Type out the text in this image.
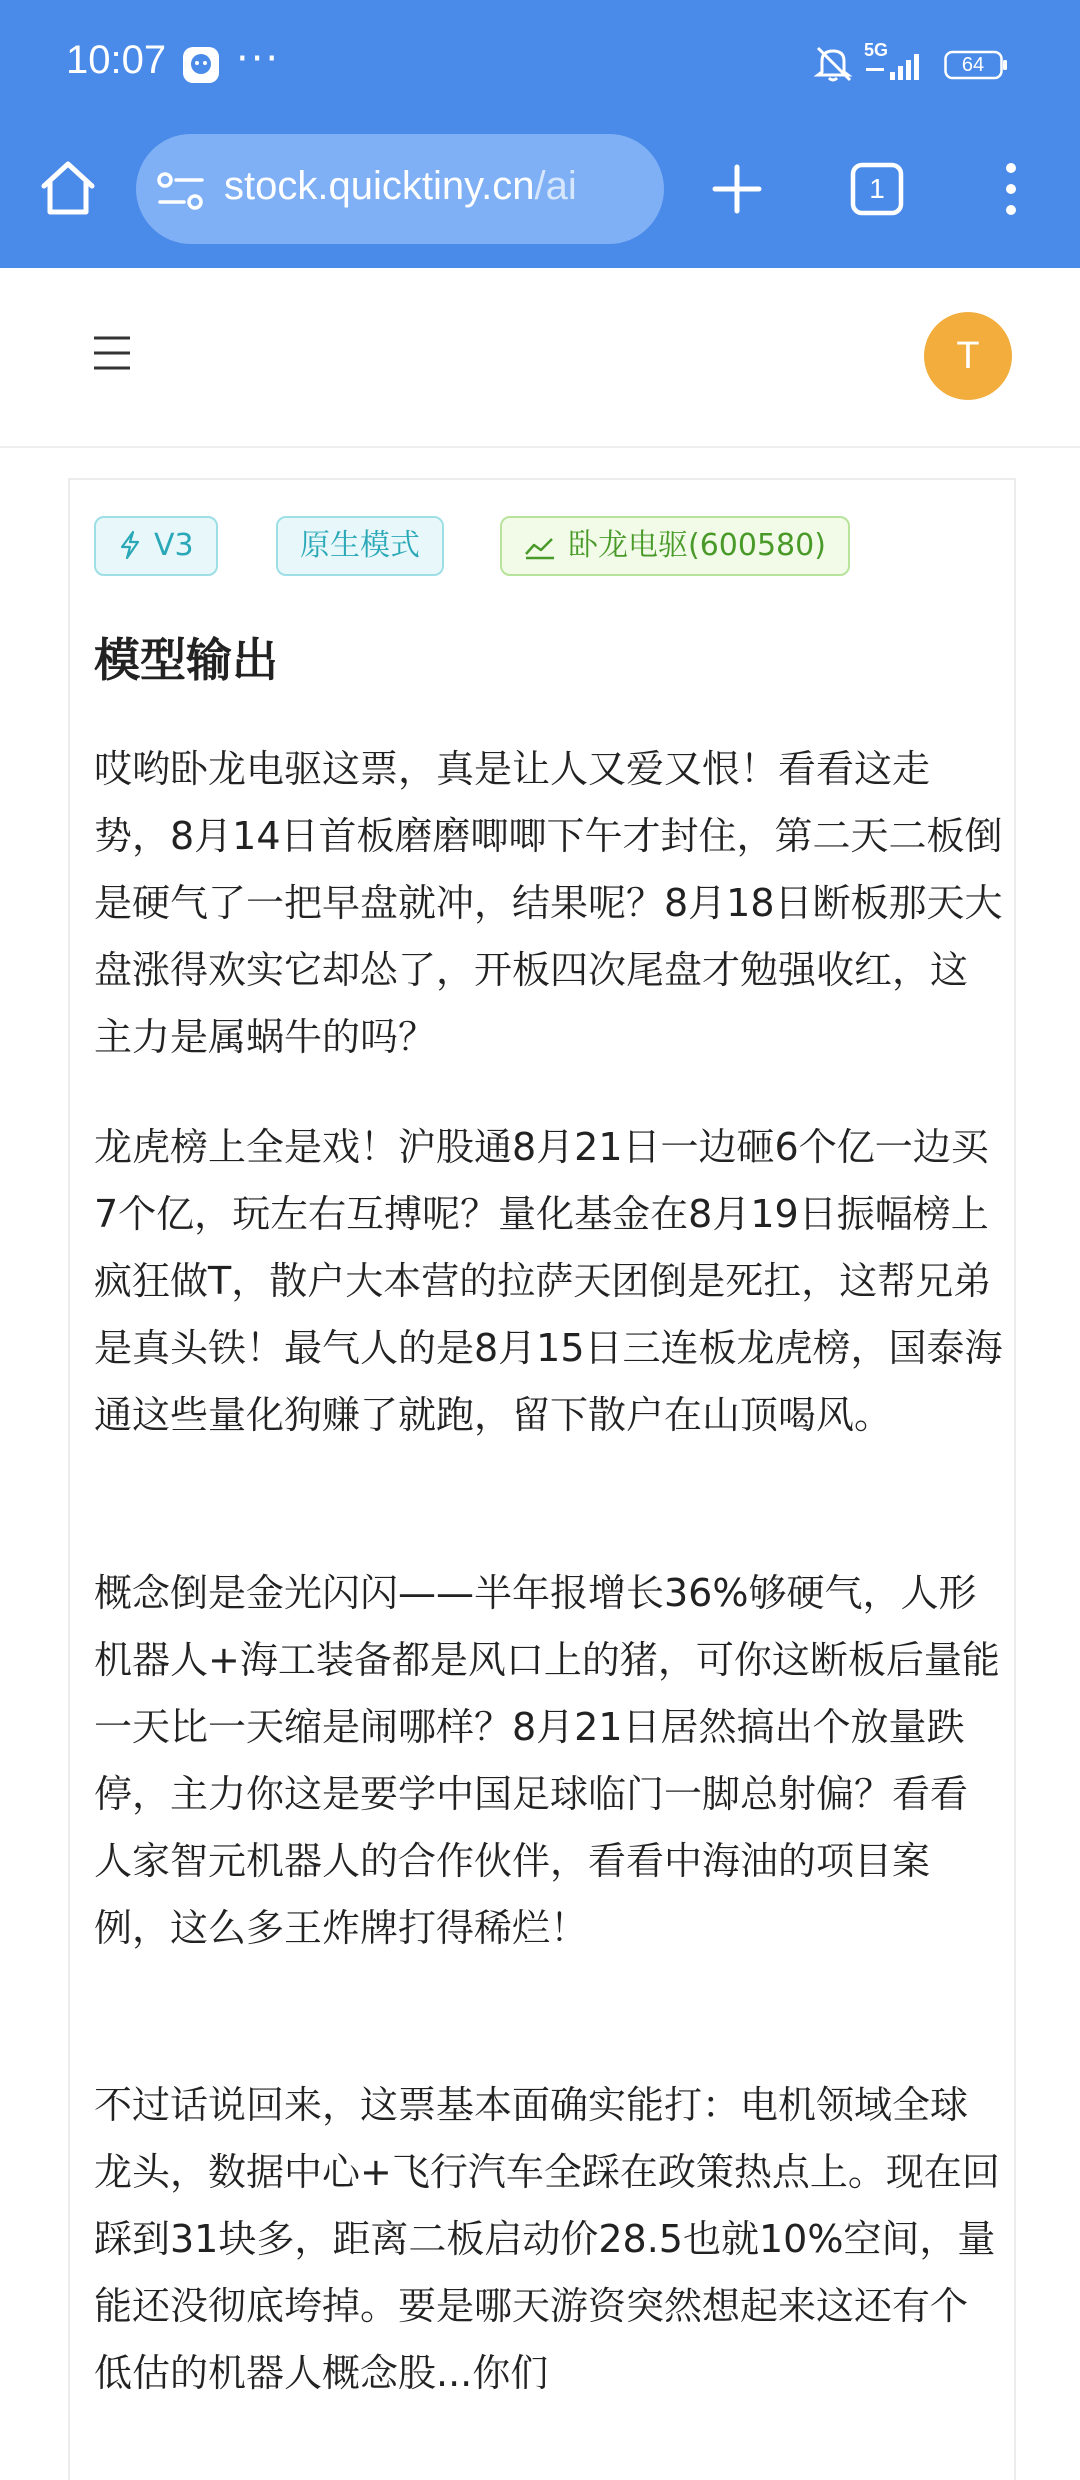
10:07 ···	5G
64
stock.quicktiny.cn/ai	1
T
V3	原生模式	卧龙电驱(600580)
模型输出

哎哟卧龙电驱这票，真是让人又爱又恨！看看这走势，8月14日首板磨磨唧唧下午才封住，第二天二板倒是硬气了一把早盘就冲，结果呢？8月18日断板那天大盘涨得欢实它却怂了，开板四次尾盘才勉强收红，这主力是属蜗牛的吗？

龙虎榜上全是戏！沪股通8月21日一边砸6个亿一边买7个亿，玩左右互搏呢？量化基金在8月19日振幅榜上疯狂做T，散户大本营的拉萨天团倒是死扛，这帮兄弟是真头铁！最气人的是8月15日三连板龙虎榜，国泰海通这些量化狗赚了就跑，留下散户在山顶喝风。

概念倒是金光闪闪——半年报增长36%够硬气，人形机器人+海工装备都是风口上的猪，可你这断板后量能一天比一天缩是闹哪样？8月21日居然搞出个放量跌停，主力你这是要学中国足球临门一脚总射偏？看看人家智元机器人的合作伙伴，看看中海油的项目案例，这么多王炸牌打得稀烂！

不过话说回来，这票基本面确实能打：电机领域全球龙头，数据中心+飞行汽车全踩在政策热点上。现在回踩到31块多，距离二板启动价28.5也就10%空间，量能还没彻底垮掉。要是哪天游资突然想起来这还有个低估的机器人概念股...你们
